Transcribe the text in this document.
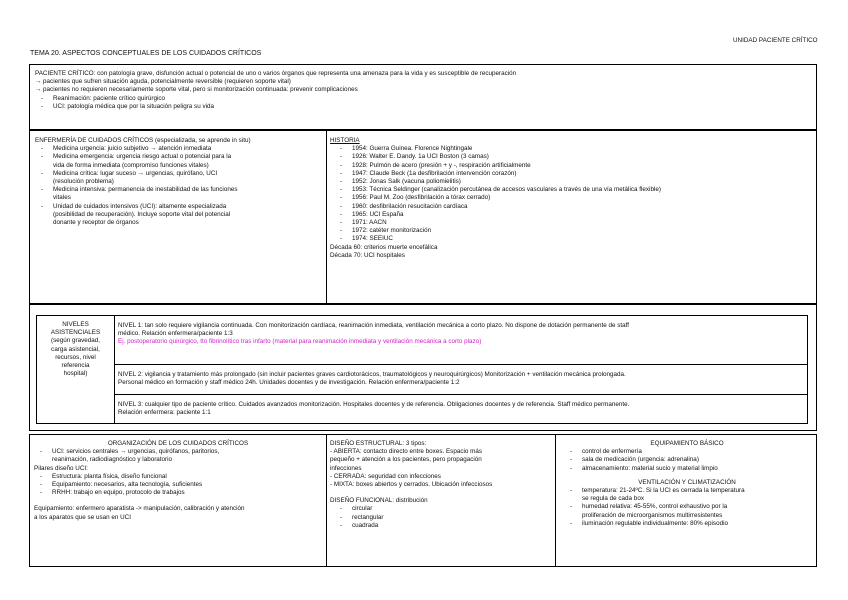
UNIDAD PACIENTE CRÍTICO
TEMA 20. ASPECTOS CONCEPTUALES DE LOS CUIDADOS CRÍTICOS
PACIENTE CRÍTICO: con patología grave, disfunción actual o potencial de uno o varios órganos que representa una amenaza para la vida y es susceptible de recuperación
→ pacientes que sufren situación aguda, potencialmente reversible (requieren soporte vital)
→ pacientes no requieren necesariamente soporte vital, pero si monitorización continuada: prevenir complicaciones
- Reanimación: paciente crítico quirúrgico
- UCI: patología médica que por la situación peligra su vida
ENFERMERÍA DE CUIDADOS CRÍTICOS (especializada, se aprende in situ)
- Medicina urgencia: juicio subjetivo → atención inmediata
- Medicina emergencia: urgencia riesgo actual o potencial para la
vida de forma inmediata (compromiso funciones vitales)
- Medicina crítica: lugar suceso → urgencias, quirófano, UCI
(resolución problema)
- Medicina intensiva: permanencia de inestabilidad de las funciones
vitales
- Unidad de cuidados intensivos (UCI): altamente especializada
(posibilidad de recuperación). Incluye soporte vital del potencial
donante y receptor de órganos
HISTORIA
- 1954: Guerra Guinea. Florence Nightingale
- 1926: Walter E. Dandy. 1a UCI Boston (3 camas)
- 1928: Pulmón de acero (presión + y -, respiración artificialmente
- 1947: Claude Beck (1a desfibrilación intervención corazón)
- 1952: Jonas Salk (vacuna poliomielitis)
- 1953: Técnica Seldinger (canalización percutánea de accesos vasculares a través de una vía metálica flexible)
- 1956: Paul M. Zoo (desfibrilación a tórax cerrado)
- 1960: desfibrilación resucitación cardíaca
- 1965: UCI España
- 1971: AACN
- 1972: catéter monitorización
- 1974: SEEIUC
Década 60: criterios muerte encefálica
Década 70: UCI hospitales
NIVELES
ASISTENCIALES
(según gravedad,
carga asistencial,
recursos, nivel
referencia
hospital)
NIVEL 1: tan solo requiere vigilancia continuada. Con monitorización cardíaca, reanimación inmediata, ventilación mecánica a corto plazo. No dispone de dotación permanente de staff
médico. Relación enfermera/paciente 1:3
Ej. postoperatorio quirúrgico, tto fibrinolítico tras infarto (material para reanimación inmediata y ventilación mecánica a corto plazo)
NIVEL 2: vigilancia y tratamiento más prolongado (sin incluir pacientes graves cardiotorácicos, traumatológicos y neuroquirúrgicos) Monitorización + ventilación mecánica prolongada.
Personal médico en formación y staff médico 24h. Unidades docentes y de investigación. Relación enfermera/paciente 1:2
NIVEL 3: cualquier tipo de paciente crítico. Cuidados avanzados monitorización. Hospitales docentes y de referencia. Obligaciones docentes y de referencia. Staff médico permanente.
Relación enfermera: paciente 1:1
ORGANIZACIÓN DE LOS CUIDADOS CRÍTICOS
- UCI: servicios centrales → urgencias, quirófanos, paritorios,
reanimación, radiodiagnóstico y laboratorio
Pilares diseño UCI:
- Estructura: planta física, diseño funcional
- Equipamiento: necesarios, alta tecnología, suficientes
- RRHH: trabajo en equipo, protocolo de trabajos
Equipamiento: enfermero aparatista -> manipulación, calibración y atención
a los aparatos que se usan en UCI
DISEÑO ESTRUCTURAL: 3 tipos:
- ABIERTA: contacto directo entre boxes. Espacio más
pequeño + atención a los pacientes, pero propagación
infecciones
- CERRADA: seguridad con infecciones
- MIXTA: boxes abiertos y cerrados. Ubicación infecciosos
DISEÑO FUNCIONAL: distribución
- circular
- rectangular
- cuadrada
EQUIPAMIENTO BÁSICO
- control de enfermería
- sala de medicación (urgencia: adrenalina)
- almacenamiento: material sucio y material limpio
VENTILACIÓN Y CLIMATIZACIÓN
- temperatura: 21-24ºC. Si la UCI es cerrada la temperatura
se regula de cada box
- humedad relativa: 45-55%, control exhaustivo por la
proliferación de microorganismos multirresistentes
- iluminación regulable individualmente: 80% episodio
